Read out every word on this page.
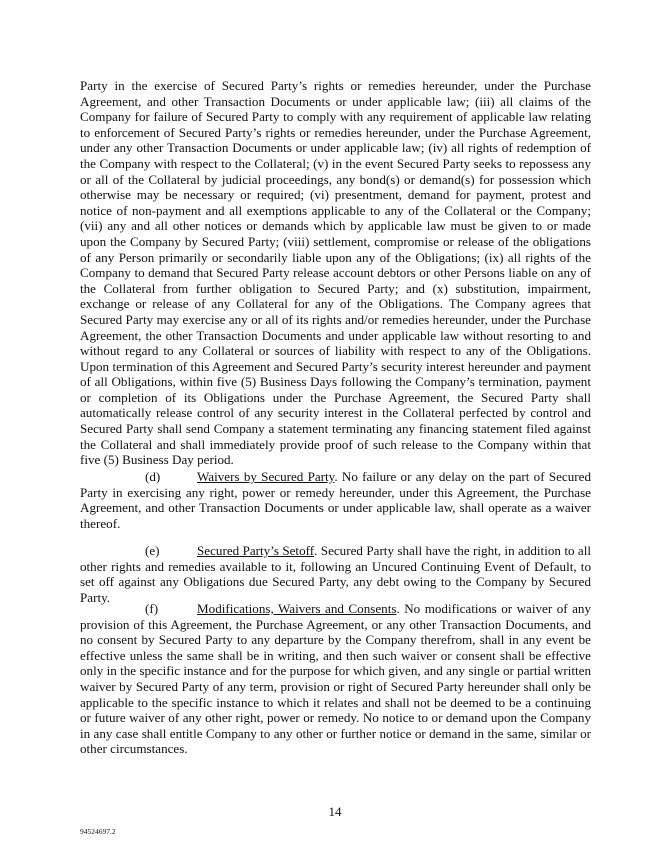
Party in the exercise of Secured Party’s rights or remedies hereunder, under the Purchase Agreement, and other Transaction Documents or under applicable law; (iii) all claims of the Company for failure of Secured Party to comply with any requirement of applicable law relating to enforcement of Secured Party’s rights or remedies hereunder, under the Purchase Agreement, under any other Transaction Documents or under applicable law; (iv) all rights of redemption of the Company with respect to the Collateral; (v) in the event Secured Party seeks to repossess any or all of the Collateral by judicial proceedings, any bond(s) or demand(s) for possession which otherwise may be necessary or required; (vi) presentment, demand for payment, protest and notice of non-payment and all exemptions applicable to any of the Collateral or the Company; (vii) any and all other notices or demands which by applicable law must be given to or made upon the Company by Secured Party; (viii) settlement, compromise or release of the obligations of any Person primarily or secondarily liable upon any of the Obligations; (ix) all rights of the Company to demand that Secured Party release account debtors or other Persons liable on any of the Collateral from further obligation to Secured Party; and (x) substitution, impairment, exchange or release of any Collateral for any of the Obligations. The Company agrees that Secured Party may exercise any or all of its rights and/or remedies hereunder, under the Purchase Agreement, the other Transaction Documents and under applicable law without resorting to and without regard to any Collateral or sources of liability with respect to any of the Obligations. Upon termination of this Agreement and Secured Party’s security interest hereunder and payment of all Obligations, within five (5) Business Days following the Company’s termination, payment or completion of its Obligations under the Purchase Agreement, the Secured Party shall automatically release control of any security interest in the Collateral perfected by control and Secured Party shall send Company a statement terminating any financing statement filed against the Collateral and shall immediately provide proof of such release to the Company within that five (5) Business Day period.

(d)	Waivers by Secured Party. No failure or any delay on the part of Secured Party in exercising any right, power or remedy hereunder, under this Agreement, the Purchase Agreement, and other Transaction Documents or under applicable law, shall operate as a waiver thereof.

(e)	Secured Party’s Setoff. Secured Party shall have the right, in addition to all other rights and remedies available to it, following an Uncured Continuing Event of Default, to set off against any Obligations due Secured Party, any debt owing to the Company by Secured Party.

(f)	Modifications, Waivers and Consents. No modifications or waiver of any provision of this Agreement, the Purchase Agreement, or any other Transaction Documents, and no consent by Secured Party to any departure by the Company therefrom, shall in any event be effective unless the same shall be in writing, and then such waiver or consent shall be effective only in the specific instance and for the purpose for which given, and any single or partial written waiver by Secured Party of any term, provision or right of Secured Party hereunder shall only be applicable to the specific instance to which it relates and shall not be deemed to be a continuing or future waiver of any other right, power or remedy. No notice to or demand upon the Company in any case shall entitle Company to any other or further notice or demand in the same, similar or other circumstances.

14
94524697.2
